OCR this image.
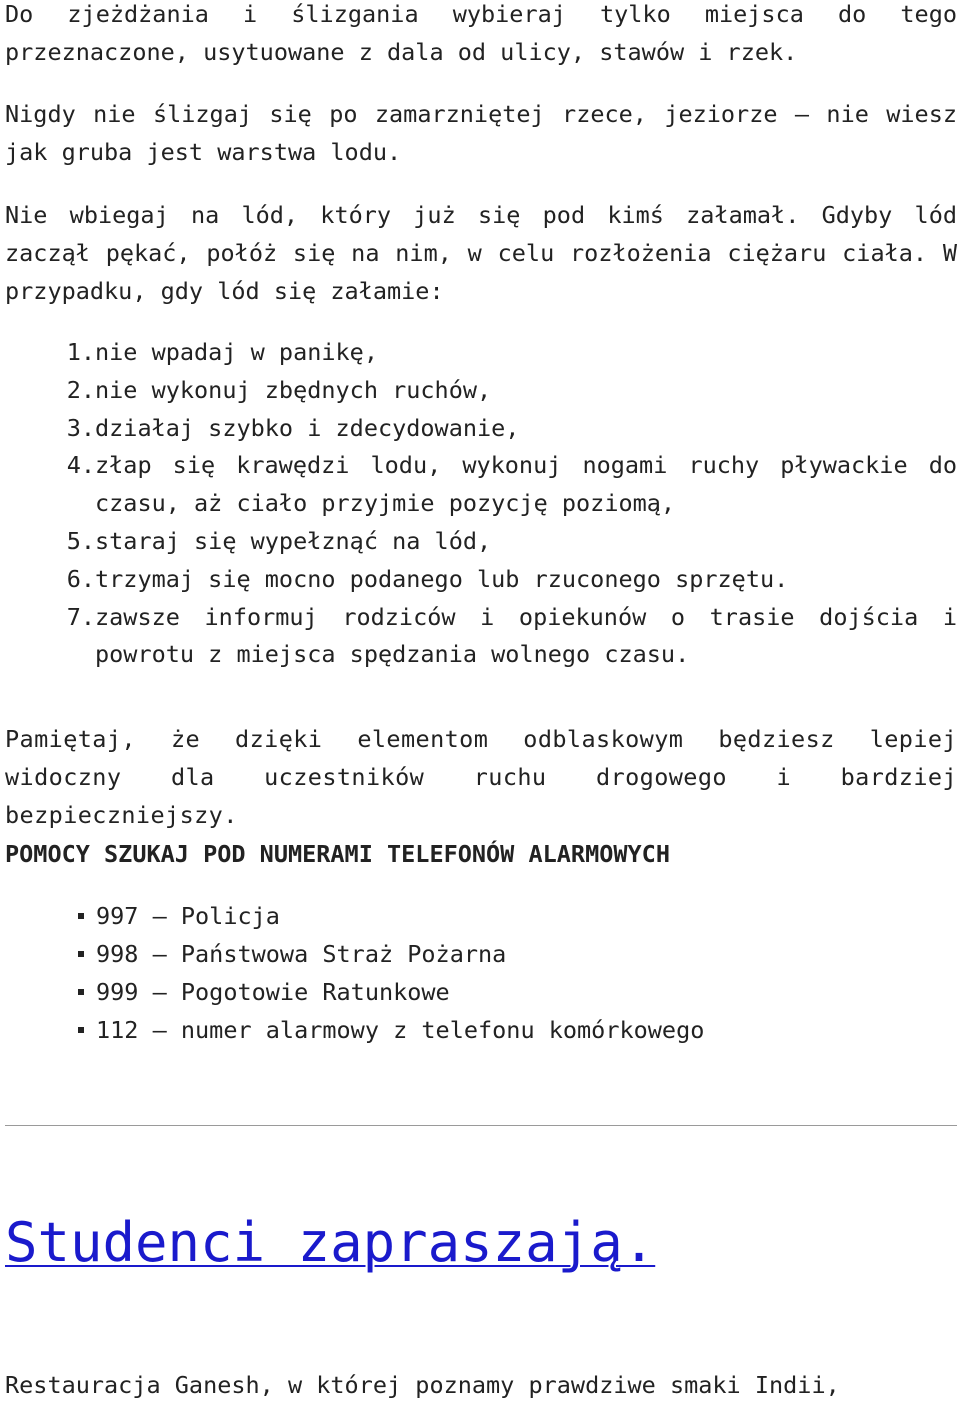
Do zjeżdżania i ślizgania wybieraj tylko miejsca do tego przeznaczone, usytuowane z dala od ulicy, stawów i rzek.

Nigdy nie ślizgaj się po zamarzniętej rzece, jeziorze – nie wiesz jak gruba jest warstwa lodu.

Nie wbiegaj na lód, który już się pod kimś załamał. Gdyby lód zaczął pękać, połóż się na nim, w celu rozłożenia ciężaru ciała. W przypadku, gdy lód się załamie:

1. nie wpadaj w panikę,
2. nie wykonuj zbędnych ruchów,
3. działaj szybko i zdecydowanie,
4. złap się krawędzi lodu, wykonuj nogami ruchy pływackie do czasu, aż ciało przyjmie pozycję poziomą,
5. staraj się wypełznąć na lód,
6. trzymaj się mocno podanego lub rzuconego sprzętu.
7. zawsze informuj rodziców i opiekunów o trasie dojścia i powrotu z miejsca spędzania wolnego czasu.

Pamiętaj, że dzięki elementom odblaskowym będziesz lepiej widoczny dla uczestników ruchu drogowego i bardziej bezpieczniejszy.

POMOCY SZUKAJ POD NUMERAMI TELEFONÓW ALARMOWYCH

997 – Policja
998 – Państwowa Straż Pożarna
999 – Pogotowie Ratunkowe
112 – numer alarmowy z telefonu komórkowego
Studenci zapraszają.

Restauracja Ganesh, w której poznamy prawdziwe smaki Indii,
